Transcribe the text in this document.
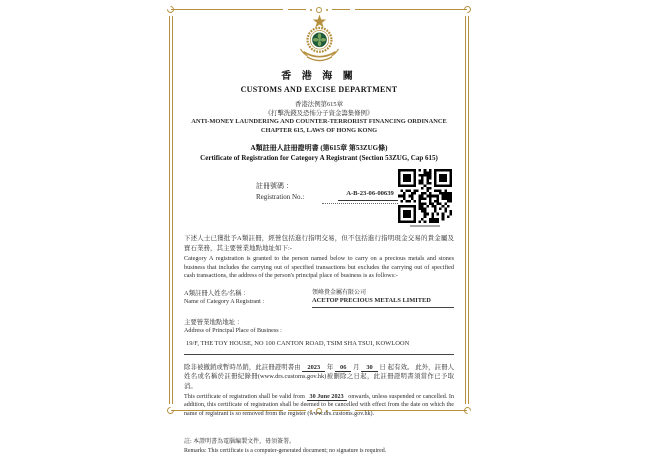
香 港 海 關
CUSTOMS AND EXCISE DEPARTMENT
香港法例第615章
《打擊洗錢及恐怖分子資金籌集條例》
ANTI-MONEY LAUNDERING AND COUNTER-TERRORIST FINANCING ORDINANCE
CHAPTER 615, LAWS OF HONG KONG
A類註冊人註冊證明書 (第615章 第53ZUG條)
Certificate of Registration for Category A Registrant (Section 53ZUG, Cap 615)
註冊號碼 ：
Registration No.:	A-B-23-06-00639
下述人士已獲批予A類註冊，經營包括進行指明交易，但不包括進行指明現金交易的貴金屬及寶石業務，其主要營業地點地址如下:-
Category A registration is granted to the person named below to carry on a precious metals and stones business that includes the carrying out of specified transactions but excludes the carrying out of specified cash transactions, the address of the person's principal place of business is as follows:-
A類註冊人姓名/名稱 ：
Name of Category A Registrant :
領峰貴金屬有限公司
ACETOP PRECIOUS METALS LIMITED
主要營業地點地址 ：
Address of Principal Place of Business :
19/F, THE TOY HOUSE, NO 100 CANTON ROAD, TSIM SHA TSUI, KOWLOON
除非被撤銷或暫時吊銷，此註冊證明書由 2023 年 06 月 30 日 起有效。 此外，註冊人姓名或名稱於註冊紀錄冊(www.drs.customs.gov.hk)被刪除之日起，此註冊證明書須當作已予取消。
This certificate of registration shall be valid from 30 June 2023 onwards, unless suspended or cancelled. In addition, this certificate of registration shall be deemed to be cancelled with effect from the date on which the name of registrant is so removed from the register (www.drs.customs.gov.hk).
註: 本證明書為電腦編製文件，毋須簽署。
Remarks: This certificate is a computer-generated document; no signature is required.
